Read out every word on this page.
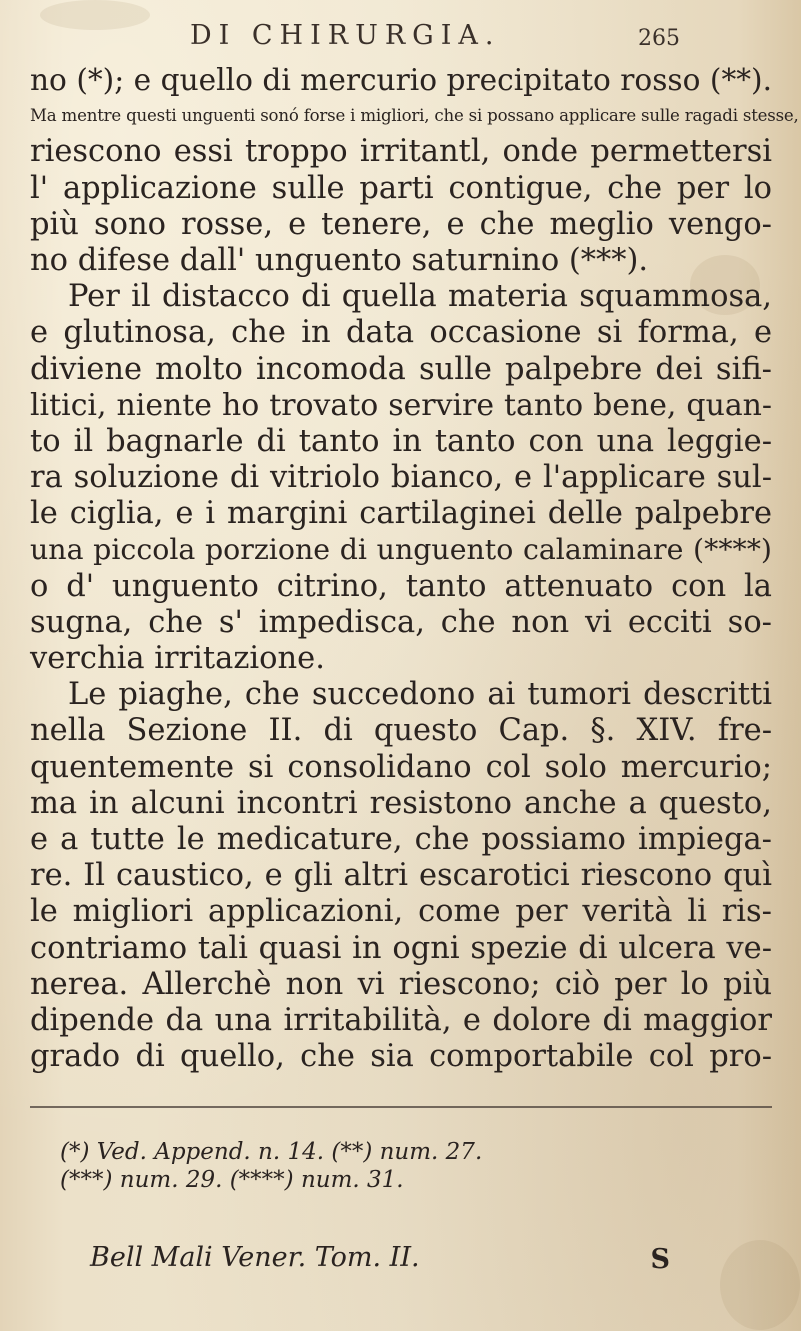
DI CHIRURGIA.	265
no (*); e quello di mercurio precipitato rosso (**).
Ma mentre questi unguenti sonó forse i migliori, che si possano applicare sulle ragadi stesse,
riescono essi troppo irritantl, onde permettersi
l' applicazione sulle parti contigue, che per lo
più sono rosse, e tenere, e che meglio vengo-
no difese dall' unguento saturnino (***).
Per il distacco di quella materia squammosa,
e glutinosa, che in data occasione si forma, e
diviene molto incomoda sulle palpebre dei sifi-
litici, niente ho trovato servire tanto bene, quan-
to il bagnarle di tanto in tanto con una leggie-
ra soluzione di vitriolo bianco, e l'applicare sul-
le ciglia, e i margini cartilaginei delle palpebre
una piccola porzione di unguento calaminare (****)
o d' unguento citrino, tanto attenuato con la
sugna, che s' impedisca, che non vi ecciti so-
verchia irritazione.
Le piaghe, che succedono ai tumori descritti
nella Sezione II. di questo Cap. §. XIV. fre-
quentemente si consolidano col solo mercurio;
ma in alcuni incontri resistono anche a questo,
e a tutte le medicature, che possiamo impiega-
re. Il caustico, e gli altri escarotici riescono quì
le migliori applicazioni, come per verità li ris-
contriamo tali quasi in ogni spezie di ulcera ve-
nerea. Allerchè non vi riescono; ciò per lo più
dipende da una irritabilità, e dolore di maggior
grado di quello, che sia comportabile col pro-
(*) Ved. Append. n. 14. (**) num. 27.
(***) num. 29. (****) num. 31.
Bell Mali Vener. Tom. II.	S
